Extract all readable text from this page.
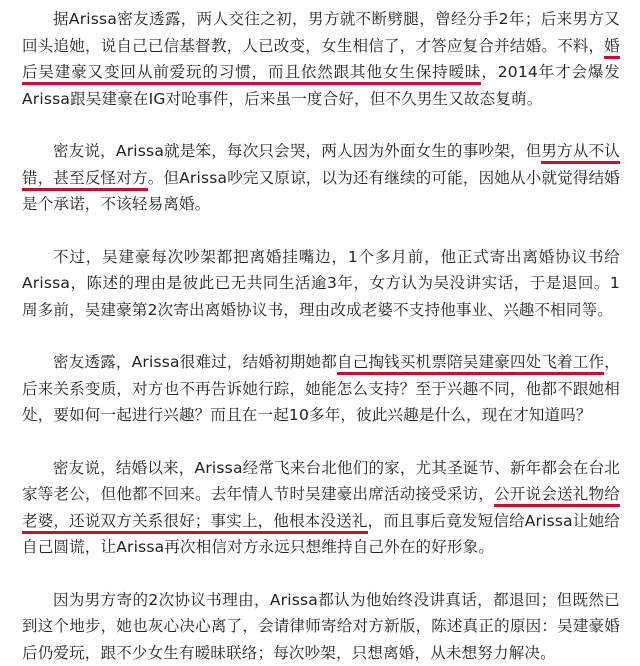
据Arissa密友透露，两人交往之初，男方就不断劈腿，曾经分手2年；后来男方又回头追她，说自己已信基督教，人已改变，女生相信了，才答应复合并结婚。不料，婚后吴建豪又变回从前爱玩的习惯，而且依然跟其他女生保持暧昧，2014年才会爆发Arissa跟吴建豪在IG对呛事件，后来虽一度合好，但不久男生又故态复萌。

密友说，Arissa就是笨，每次只会哭，两人因为外面女生的事吵架，但男方从不认错，甚至反怪对方。但Arissa吵完又原谅，以为还有继续的可能，因她从小就觉得结婚是个承诺，不该轻易离婚。

不过，吴建豪每次吵架都把离婚挂嘴边，1个多月前，他正式寄出离婚协议书给Arissa，陈述的理由是彼此已无共同生活逾3年，女方认为吴没讲实话，于是退回。1周多前，吴建豪第2次寄出离婚协议书，理由改成老婆不支持他事业、兴趣不相同等。

密友透露，Arissa很难过，结婚初期她都自己掏钱买机票陪吴建豪四处飞着工作，后来关系变质，对方也不再告诉她行踪，她能怎么支持？至于兴趣不同，他都不跟她相处，要如何一起进行兴趣？而且在一起10多年，彼此兴趣是什么，现在才知道吗？

密友说，结婚以来，Arissa经常飞来台北他们的家，尤其圣诞节、新年都会在台北家等老公，但他都不回来。去年情人节时吴建豪出席活动接受采访，公开说会送礼物给老婆，还说双方关系很好；事实上，他根本没送礼，而且事后竟发短信给Arissa让她给自己圆谎，让Arissa再次相信对方永远只想维持自己外在的好形象。

因为男方寄的2次协议书理由，Arissa都认为他始终没讲真话，都退回；但既然已到这个地步，她也灰心决心离了，会请律师寄给对方新版，陈述真正的原因：吴建豪婚后仍爱玩，跟不少女生有暧昧联络；每次吵架，只想离婚，从未想努力解决。
